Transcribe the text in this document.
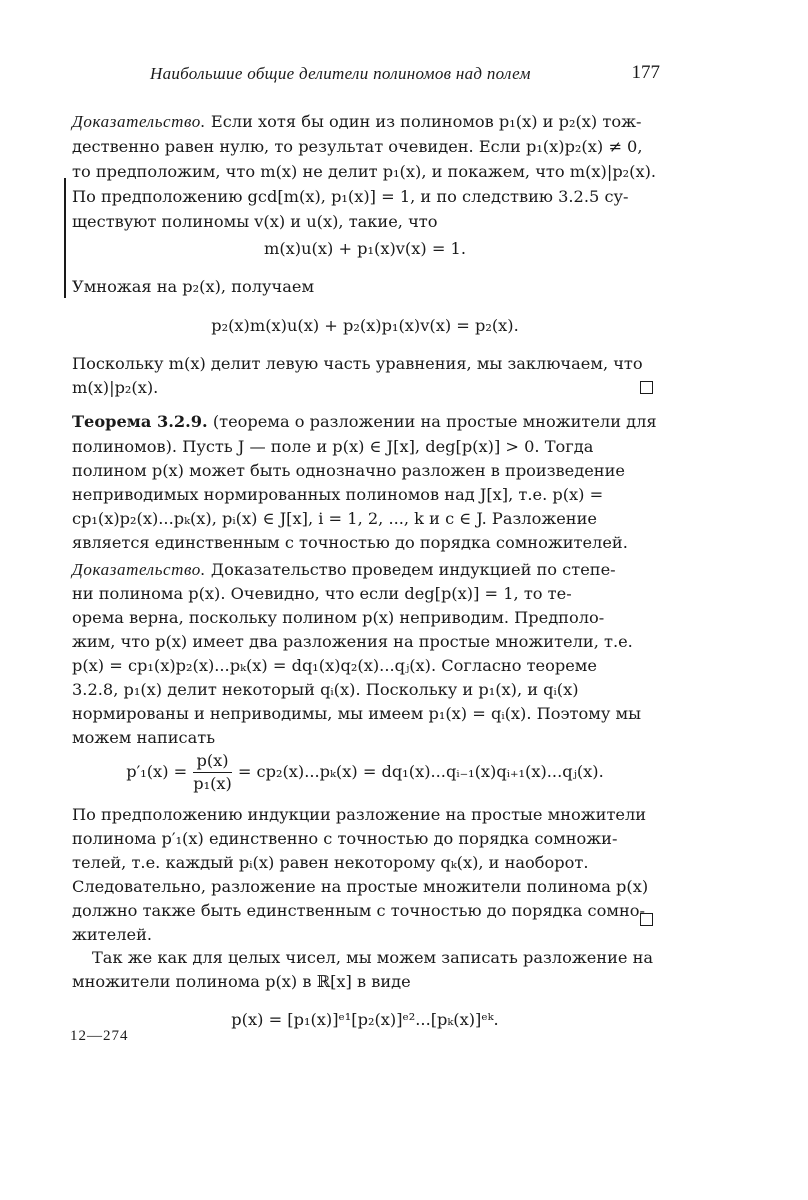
Наибольшие общие делители полиномов над полем	177
Доказательство. Если хотя бы один из полиномов p₁(x) и p₂(x) тож-
дественно равен нулю, то результат очевиден. Если p₁(x)p₂(x) ≠ 0,
то предположим, что m(x) не делит p₁(x), и покажем, что m(x)|p₂(x).
По предположению gcd[m(x), p₁(x)] = 1, и по следствию 3.2.5 су-
ществуют полиномы v(x) и u(x), такие, что
m(x)u(x) + p₁(x)v(x) = 1.
Умножая на p₂(x), получаем
p₂(x)m(x)u(x) + p₂(x)p₁(x)v(x) = p₂(x).
Поскольку m(x) делит левую часть уравнения, мы заключаем, что
m(x)|p₂(x).
Теорема 3.2.9. (теорема о разложении на простые множители для
полиномов). Пусть J — поле и p(x) ∈ J[x], deg[p(x)] > 0. Тогда
полином p(x) может быть однозначно разложен в произведение
неприводимых нормированных полиномов над J[x], т.е. p(x) =
cp₁(x)p₂(x)...pₖ(x), pᵢ(x) ∈ J[x], i = 1, 2, ..., k и c ∈ J. Разложение
является единственным с точностью до порядка сомножителей.
Доказательство. Доказательство проведем индукцией по степе-
ни полинома p(x). Очевидно, что если deg[p(x)] = 1, то те-
орема верна, поскольку полином p(x) неприводим. Предполо-
жим, что p(x) имеет два разложения на простые множители, т.е.
p(x) = cp₁(x)p₂(x)...pₖ(x) = dq₁(x)q₂(x)...qⱼ(x). Согласно теореме
3.2.8, p₁(x) делит некоторый qᵢ(x). Поскольку и p₁(x), и qᵢ(x)
нормированы и неприводимы, мы имеем p₁(x) = qᵢ(x). Поэтому мы
можем написать
$p'_1(x) = \frac{p(x)}{\text{p₁(x)}} = cp_2(x)...p_k(x)$ = dq₁(x)...qᵢ₋₁(x)qᵢ₊₁(x)...qⱼ(x).
По предположению индукции разложение на простые множители
полинома p′₁(x) единственно с точностью до порядка сомножи-
телей, т.е. каждый pᵢ(x) равен некоторому qₖ(x), и наоборот.
Следовательно, разложение на простые множители полинома p(x)
должно также быть единственным с точностью до порядка сомно-
жителей.
Так же как для целых чисел, мы можем записать разложение на
множители полинома p(x) в ℝ[x] в виде
p(x) = [p₁(x)]ᵉ¹[p₂(x)]ᵉ²...[pₖ(x)]ᵉᵏ.
12—274
